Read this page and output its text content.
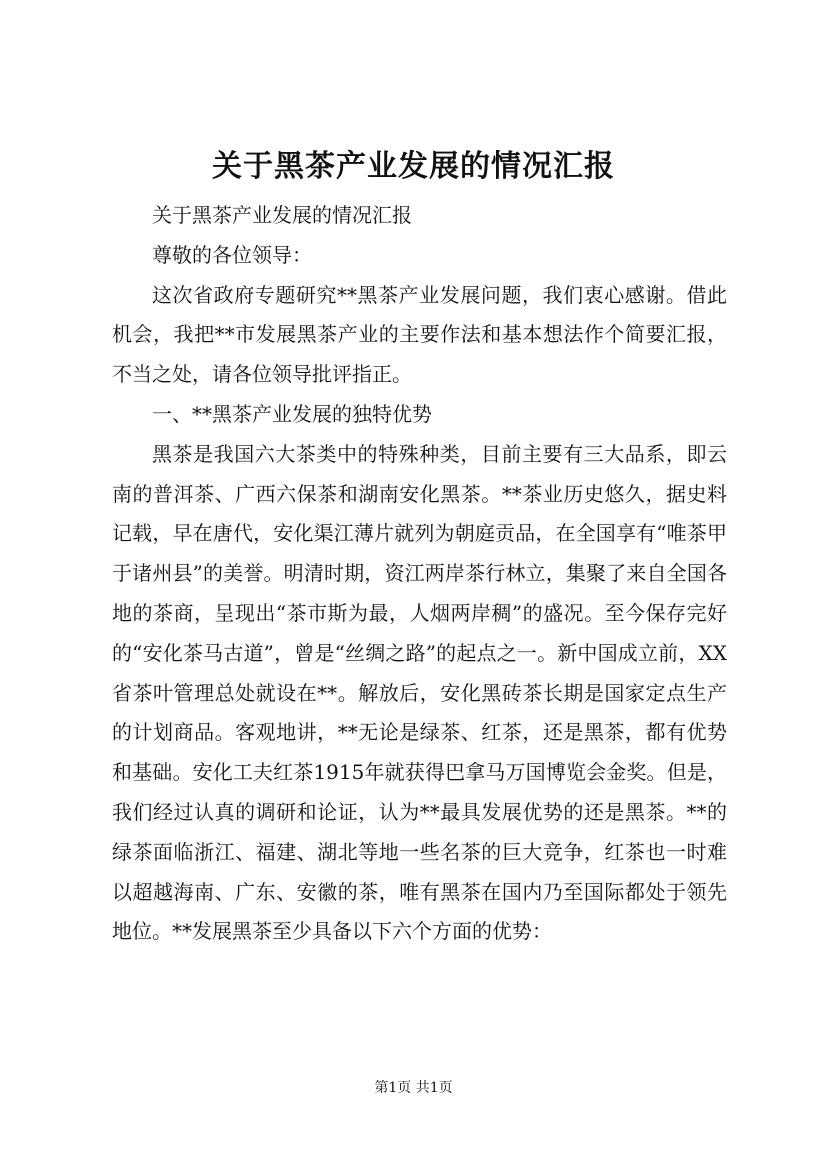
关于黑茶产业发展的情况汇报

关于黑茶产业发展的情况汇报

尊敬的各位领导：

这次省政府专题研究**黑茶产业发展问题，我们衷心感谢。借此机会，我把**市发展黑茶产业的主要作法和基本想法作个简要汇报，不当之处，请各位领导批评指正。

一、**黑茶产业发展的独特优势

黑茶是我国六大茶类中的特殊种类，目前主要有三大品系，即云南的普洱茶、广西六保茶和湖南安化黑茶。**茶业历史悠久，据史料记载，早在唐代，安化渠江薄片就列为朝庭贡品，在全国享有“唯茶甲于诸州县”的美誉。明清时期，资江两岸茶行林立，集聚了来自全国各地的茶商，呈现出“茶市斯为最，人烟两岸稠”的盛况。至今保存完好的“安化茶马古道”，曾是“丝绸之路”的起点之一。新中国成立前，XX省茶叶管理总处就设在**。解放后，安化黑砖茶长期是国家定点生产的计划商品。客观地讲，**无论是绿茶、红茶，还是黑茶，都有优势和基础。安化工夫红茶1915年就获得巴拿马万国博览会金奖。但是，我们经过认真的调研和论证，认为**最具发展优势的还是黑茶。**的绿茶面临浙江、福建、湖北等地一些名茶的巨大竞争，红茶也一时难以超越海南、广东、安徽的茶，唯有黑茶在国内乃至国际都处于领先地位。**发展黑茶至少具备以下六个方面的优势：

第1页 共1页
